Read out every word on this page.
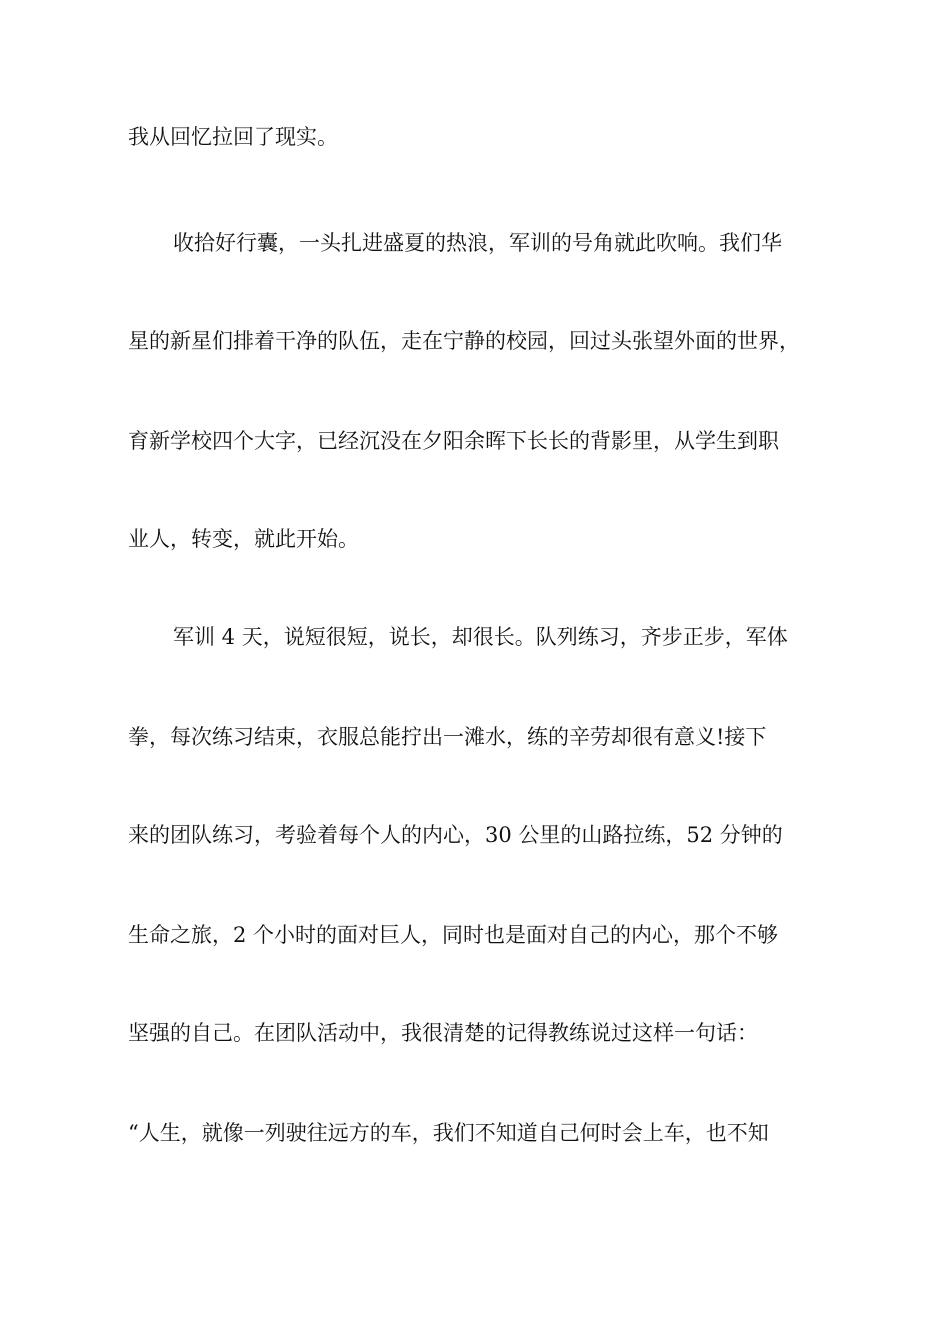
我从回忆拉回了现实。
收拾好行囊，一头扎进盛夏的热浪，军训的号角就此吹响。我们华
星的新星们排着干净的队伍，走在宁静的校园，回过头张望外面的世界，
育新学校四个大字，已经沉没在夕阳余晖下长长的背影里，从学生到职
业人，转变，就此开始。
军训 4 天，说短很短，说长，却很长。队列练习，齐步正步，军体
拳，每次练习结束，衣服总能拧出一滩水，练的辛劳却很有意义!接下
来的团队练习，考验着每个人的内心，30 公里的山路拉练，52 分钟的
生命之旅，2 个小时的面对巨人，同时也是面对自己的内心，那个不够
坚强的自己。在团队活动中，我很清楚的记得教练说过这样一句话：
“人生，就像一列驶往远方的车，我们不知道自己何时会上车，也不知
